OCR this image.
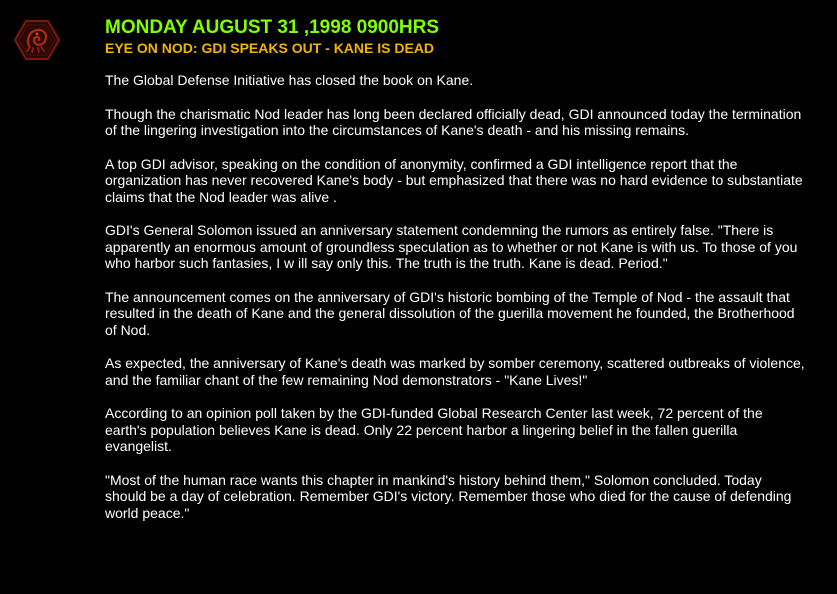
MONDAY AUGUST 31 ,1998 0900HRS
EYE ON NOD: GDI SPEAKS OUT - KANE IS DEAD

The Global Defense Initiative has closed the book on Kane.

Though the charismatic Nod leader has long been declared officially dead, GDI announced today the termination of the lingering investigation into the circumstances of Kane's death - and his missing remains.

A top GDI advisor, speaking on the condition of anonymity, confirmed a GDI intelligence report that the organization has never recovered Kane's body - but emphasized that there was no hard evidence to substantiate claims that the Nod leader was alive .

GDI's General Solomon issued an anniversary statement condemning the rumors as entirely false. "There is apparently an enormous amount of groundless speculation as to whether or not Kane is with us. To those of you who harbor such fantasies, I w ill say only this. The truth is the truth. Kane is dead. Period."

The announcement comes on the anniversary of GDI's historic bombing of the Temple of Nod - the assault that resulted in the death of Kane and the general dissolution of the guerilla movement he founded, the Brotherhood of Nod.

As expected, the anniversary of Kane's death was marked by somber ceremony, scattered outbreaks of violence, and the familiar chant of the few remaining Nod demonstrators - "Kane Lives!"

According to an opinion poll taken by the GDI-funded Global Research Center last week, 72 percent of the earth's population believes Kane is dead. Only 22 percent harbor a lingering belief in the fallen guerilla evangelist.

"Most of the human race wants this chapter in mankind's history behind them," Solomon concluded. Today should be a day of celebration. Remember GDI's victory. Remember those who died for the cause of defending world peace."
